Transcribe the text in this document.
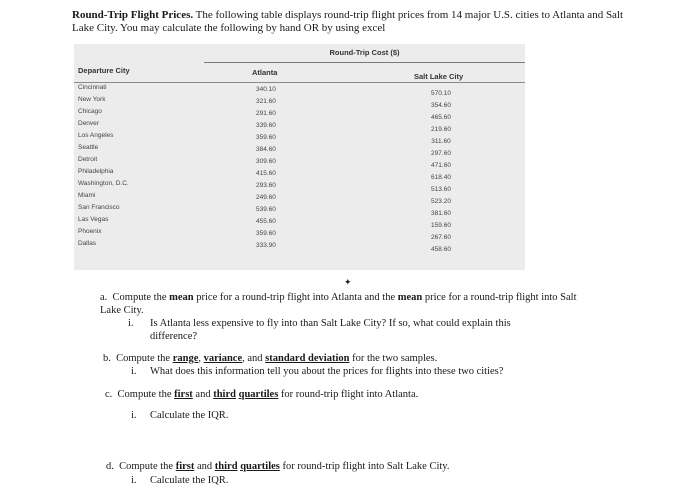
Round-Trip Flight Prices. The following table displays round-trip flight prices from 14 major U.S. cities to Atlanta and Salt Lake City. You may calculate the following by hand OR by using excel
Round-Trip Cost ($)
Departure City	Atlanta	Salt Lake City
Cincinnati
New York
Chicago
Denver
Los Angeles
Seattle
Detroit
Philadelphia
Washington, D.C.
Miami
San Francisco
Las Vegas
Phoenix
Dallas
340.10
321.60
291.60
339.60
359.60
384.60
309.60
415.60
293.60
249.60
539.60
455.60
359.60
333.90
570.10
354.60
465.60
219.60
311.60
297.60
471.60
618.40
513.60
523.20
381.60
159.60
267.60
458.60
✦
a. Compute the mean price for a round-trip flight into Atlanta and the mean price for a round-trip flight into Salt Lake City.
i. Is Atlanta less expensive to fly into than Salt Lake City? If so, what could explain this difference?
b. Compute the range, variance, and standard deviation for the two samples.
i. What does this information tell you about the prices for flights into these two cities?
c. Compute the first and third quartiles for round-trip flight into Atlanta.
i. Calculate the IQR.
d. Compute the first and third quartiles for round-trip flight into Salt Lake City.
i. Calculate the IQR.
